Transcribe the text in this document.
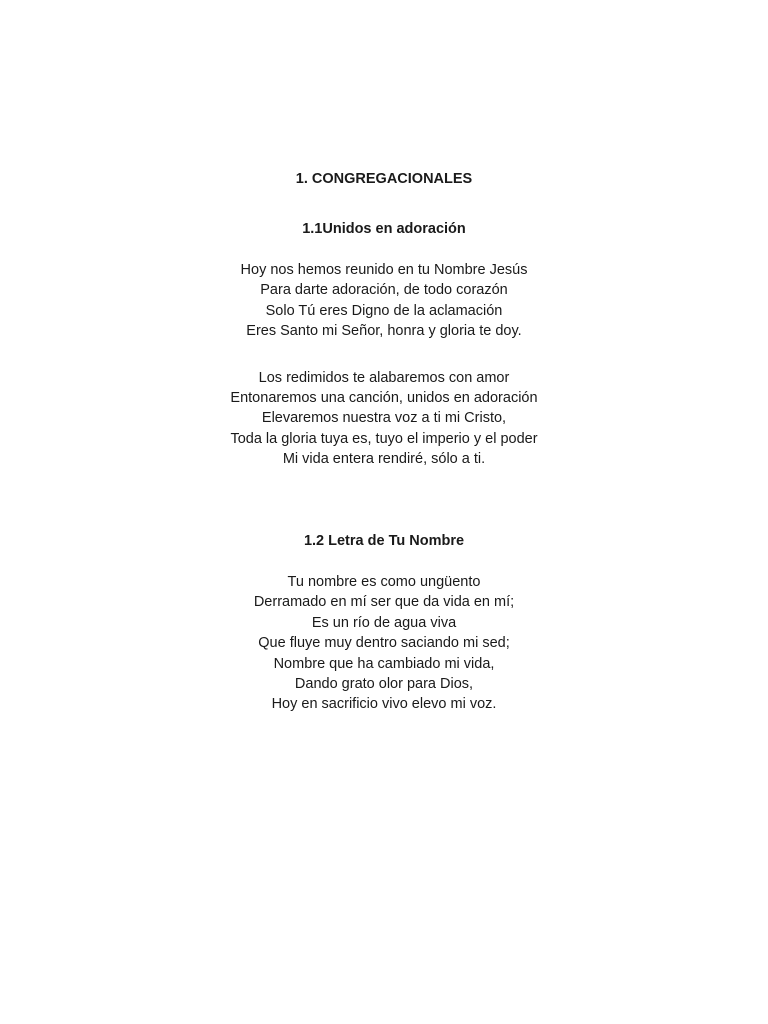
1. CONGREGACIONALES
1.1Unidos en adoración
Hoy nos hemos reunido en tu Nombre Jesús
Para darte adoración, de todo corazón
Solo Tú eres Digno de la aclamación
Eres Santo mi Señor, honra y gloria te doy.
Los redimidos te alabaremos con amor
Entonaremos una canción, unidos en adoración
Elevaremos nuestra voz a ti mi Cristo,
Toda la gloria tuya es, tuyo el imperio y el poder
Mi vida entera rendiré, sólo a ti.
1.2 Letra de Tu Nombre
Tu nombre es como ungüento
Derramado en mí ser que da vida en mí;
Es un río de agua viva
Que fluye muy dentro saciando mi sed;
Nombre que ha cambiado mi vida,
Dando grato olor para Dios,
Hoy en sacrificio vivo elevo mi voz.
